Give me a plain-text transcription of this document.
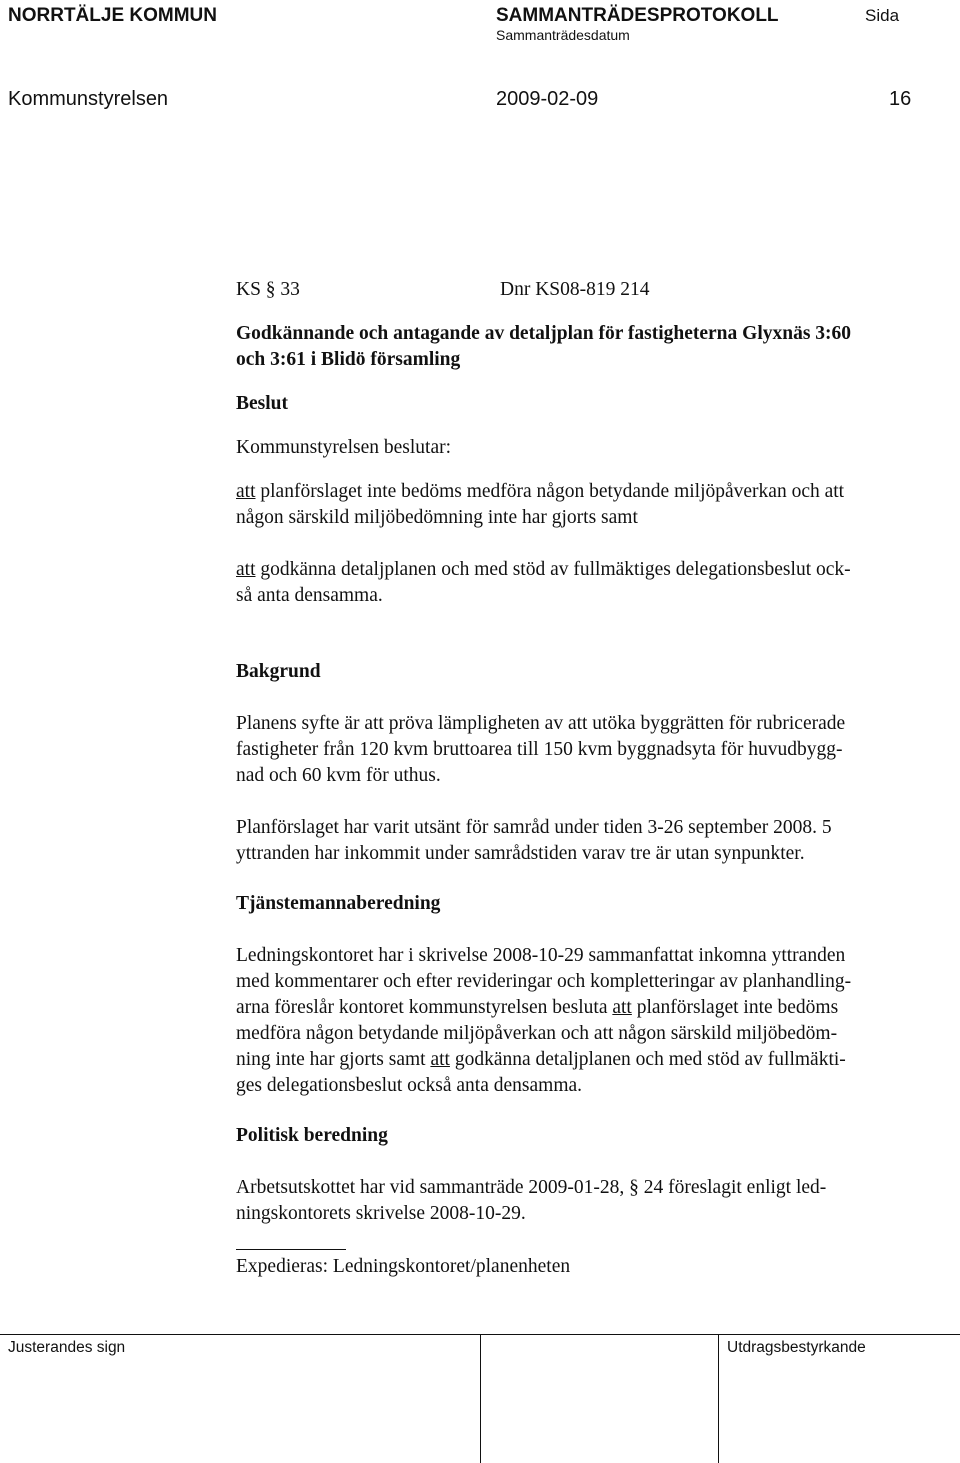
NORRTÄLJE KOMMUN	SAMMANTRÄDESPROTOKOLL
Sammanträdesdatum
Sida
Kommunstyrelsen	2009-02-09	16
KS § 33	Dnr KS08-819 214

Godkännande och antagande av detaljplan för fastigheterna Glyxnäs 3:60
och 3:61 i Blidö församling

Beslut

Kommunstyrelsen beslutar:

att planförslaget inte bedöms medföra någon betydande miljöpåverkan och att
någon särskild miljöbedömning inte har gjorts samt

att godkänna detaljplanen och med stöd av fullmäktiges delegationsbeslut ock-
så anta densamma.

Bakgrund

Planens syfte är att pröva lämpligheten av att utöka byggrätten för rubricerade
fastigheter från 120 kvm bruttoarea till 150 kvm byggnadsyta för huvudbygg-
nad och 60 kvm för uthus.

Planförslaget har varit utsänt för samråd under tiden 3-26 september 2008. 5
yttranden har inkommit under samrådstiden varav tre är utan synpunkter.

Tjänstemannaberedning

Ledningskontoret har i skrivelse 2008-10-29 sammanfattat inkomna yttranden
med kommentarer och efter revideringar och kompletteringar av planhandling-
arna föreslår kontoret kommunstyrelsen besluta att planförslaget inte bedöms
medföra någon betydande miljöpåverkan och att någon särskild miljöbedöm-
ning inte har gjorts samt att godkänna detaljplanen och med stöd av fullmäkti-
ges delegationsbeslut också anta densamma.

Politisk beredning

Arbetsutskottet har vid sammanträde 2009-01-28, § 24 föreslagit enligt led-
ningskontorets skrivelse 2008-10-29.

Expedieras: Ledningskontoret/planenheten

Justerandes sign	Utdragsbestyrkande
